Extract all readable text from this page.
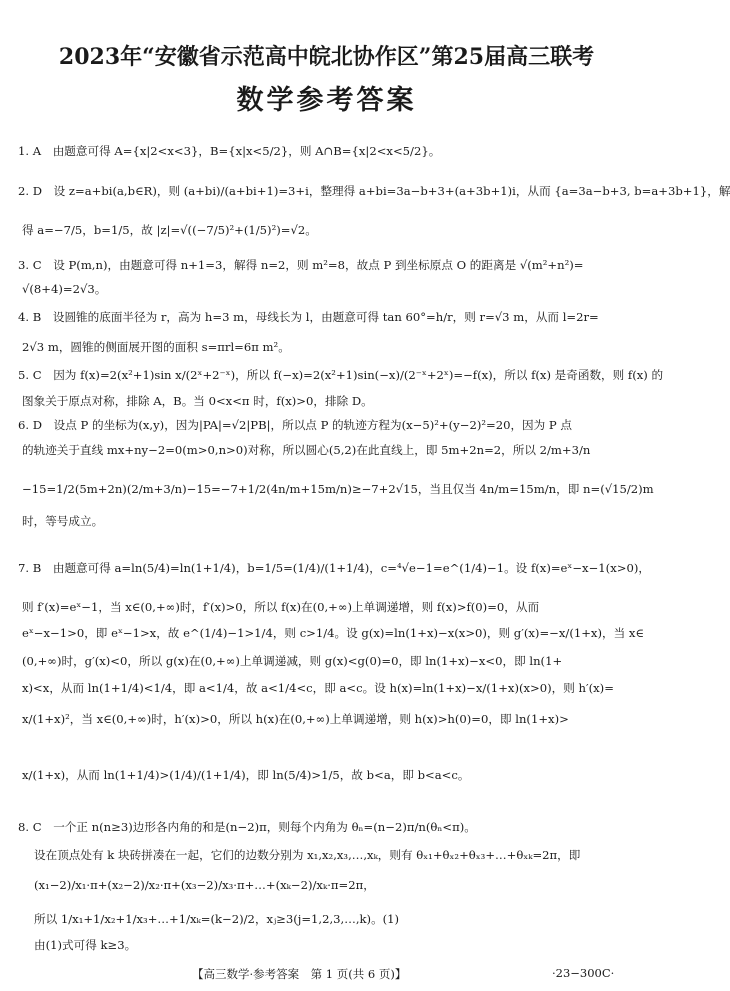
2023年“安徽省示范高中皖北协作区”第25届高三联考
数学参考答案
1. A　由题意可得 A={x|2<x<3}，B={x|x<5/2}，则 A∩B={x|2<x<5/2}。
2. D　设 z=a+bi(a,b∈R)，则 (a+bi)/(a+bi+1)=3+i，整理得 a+bi=3a−b+3+(a+3b+1)i，从而 {a=3a−b+3, b=a+3b+1}，解
得 a=−7/5，b=1/5，故 |z|=√((−7/5)²+(1/5)²)=√2。
3. C　设 P(m,n)，由题意可得 n+1=3，解得 n=2，则 m²=8，故点 P 到坐标原点 O 的距离是 √(m²+n²)=
√(8+4)=2√3。
4. B　设圆锥的底面半径为 r，高为 h=3 m，母线长为 l，由题意可得 tan 60°=h/r，则 r=√3 m，从而 l=2r=
2√3 m，圆锥的侧面展开图的面积 s=πrl=6π m²。
5. C　因为 f(x)=2(x²+1)sin x/(2ˣ+2⁻ˣ)，所以 f(−x)=2(x²+1)sin(−x)/(2⁻ˣ+2ˣ)=−f(x)，所以 f(x) 是奇函数，则 f(x) 的
图象关于原点对称，排除 A，B。当 0<x<π 时，f(x)>0，排除 D。
6. D　设点 P 的坐标为(x,y)，因为|PA|=√2|PB|，所以点 P 的轨迹方程为(x−5)²+(y−2)²=20，因为 P 点
的轨迹关于直线 mx+ny−2=0(m>0,n>0)对称，所以圆心(5,2)在此直线上，即 5m+2n=2，所以 2/m+3/n
−15=1/2(5m+2n)(2/m+3/n)−15=−7+1/2(4n/m+15m/n)≥−7+2√15，当且仅当 4n/m=15m/n，即 n=(√15/2)m
时，等号成立。
7. B　由题意可得 a=ln(5/4)=ln(1+1/4)，b=1/5=(1/4)/(1+1/4)，c=⁴√e−1=e^(1/4)−1。设 f(x)=eˣ−x−1(x>0)，
则 f′(x)=eˣ−1，当 x∈(0,+∞)时，f′(x)>0，所以 f(x)在(0,+∞)上单调递增，则 f(x)>f(0)=0，从而
eˣ−x−1>0，即 eˣ−1>x，故 e^(1/4)−1>1/4，则 c>1/4。设 g(x)=ln(1+x)−x(x>0)，则 g′(x)=−x/(1+x)，当 x∈
(0,+∞)时，g′(x)<0，所以 g(x)在(0,+∞)上单调递减，则 g(x)<g(0)=0，即 ln(1+x)−x<0，即 ln(1+
x)<x，从而 ln(1+1/4)<1/4，即 a<1/4，故 a<1/4<c，即 a<c。设 h(x)=ln(1+x)−x/(1+x)(x>0)，则 h′(x)=
x/(1+x)²，当 x∈(0,+∞)时，h′(x)>0，所以 h(x)在(0,+∞)上单调递增，则 h(x)>h(0)=0，即 ln(1+x)>
x/(1+x)，从而 ln(1+1/4)>(1/4)/(1+1/4)，即 ln(5/4)>1/5，故 b<a，即 b<a<c。
8. C　一个正 n(n≥3)边形各内角的和是(n−2)π，则每个内角为 θₙ=(n−2)π/n(θₙ<π)。
设在顶点处有 k 块砖拼凑在一起，它们的边数分别为 x₁,x₂,x₃,…,xₖ，则有 θₓ₁+θₓ₂+θₓ₃+…+θₓₖ=2π，即
(x₁−2)/x₁·π+(x₂−2)/x₂·π+(x₃−2)/x₃·π+…+(xₖ−2)/xₖ·π=2π，
所以 1/x₁+1/x₂+1/x₃+…+1/xₖ=(k−2)/2，xⱼ≥3(j=1,2,3,…,k)。(1)
由(1)式可得 k≥3。
【高三数学·参考答案　第 1 页(共 6 页)】	·23−300C·
